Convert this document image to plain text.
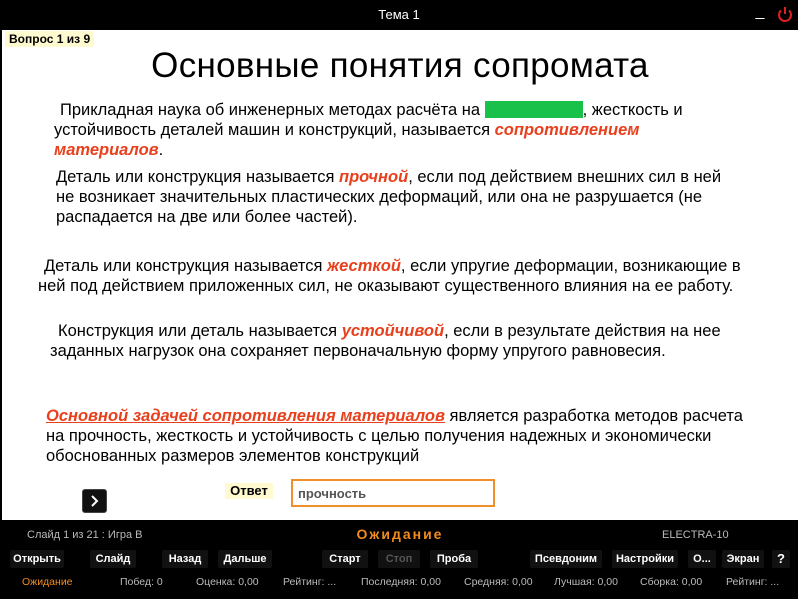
Тема 1	_
Вопрос 1 из 9
Основные понятия сопромата
Прикладная наука об инженерных методах расчёта на	, жесткость и устойчивость деталей машин и конструкций, называется сопротивлением материалов.
Деталь или конструкция называется прочной, если под действием внешних сил в ней не возникает значительных пластических деформаций, или она не разрушается (не распадается на две или более частей).
Деталь или конструкция называется жесткой, если упругие деформации, возникающие в ней под действием приложенных сил, не оказывают существенного влияния на ее работу.
Конструкция или деталь называется устойчивой, если в результате действия на нее заданных нагрузок она сохраняет первоначальную форму упругого равновесия.
Основной задачей сопротивления материалов является разработка методов расчета на прочность, жесткость и устойчивость с целью получения надежных и экономически обоснованных размеров элементов конструкций
Ответ
прочность
Слайд 1 из 21 : Игра В	Ожидание	ELECTRA-10
Открыть	Слайд	Назад	Дальше	Старт	Стоп	Проба	Псевдоним	Настройки	О...	Экран	?
Ожидание	Побед: 0	Оценка: 0,00 Рейтинг: ... Последняя: 0,00 Средняя: 0,00 Лучшая: 0,00 Сборка: 0,00 Рейтинг: ...
